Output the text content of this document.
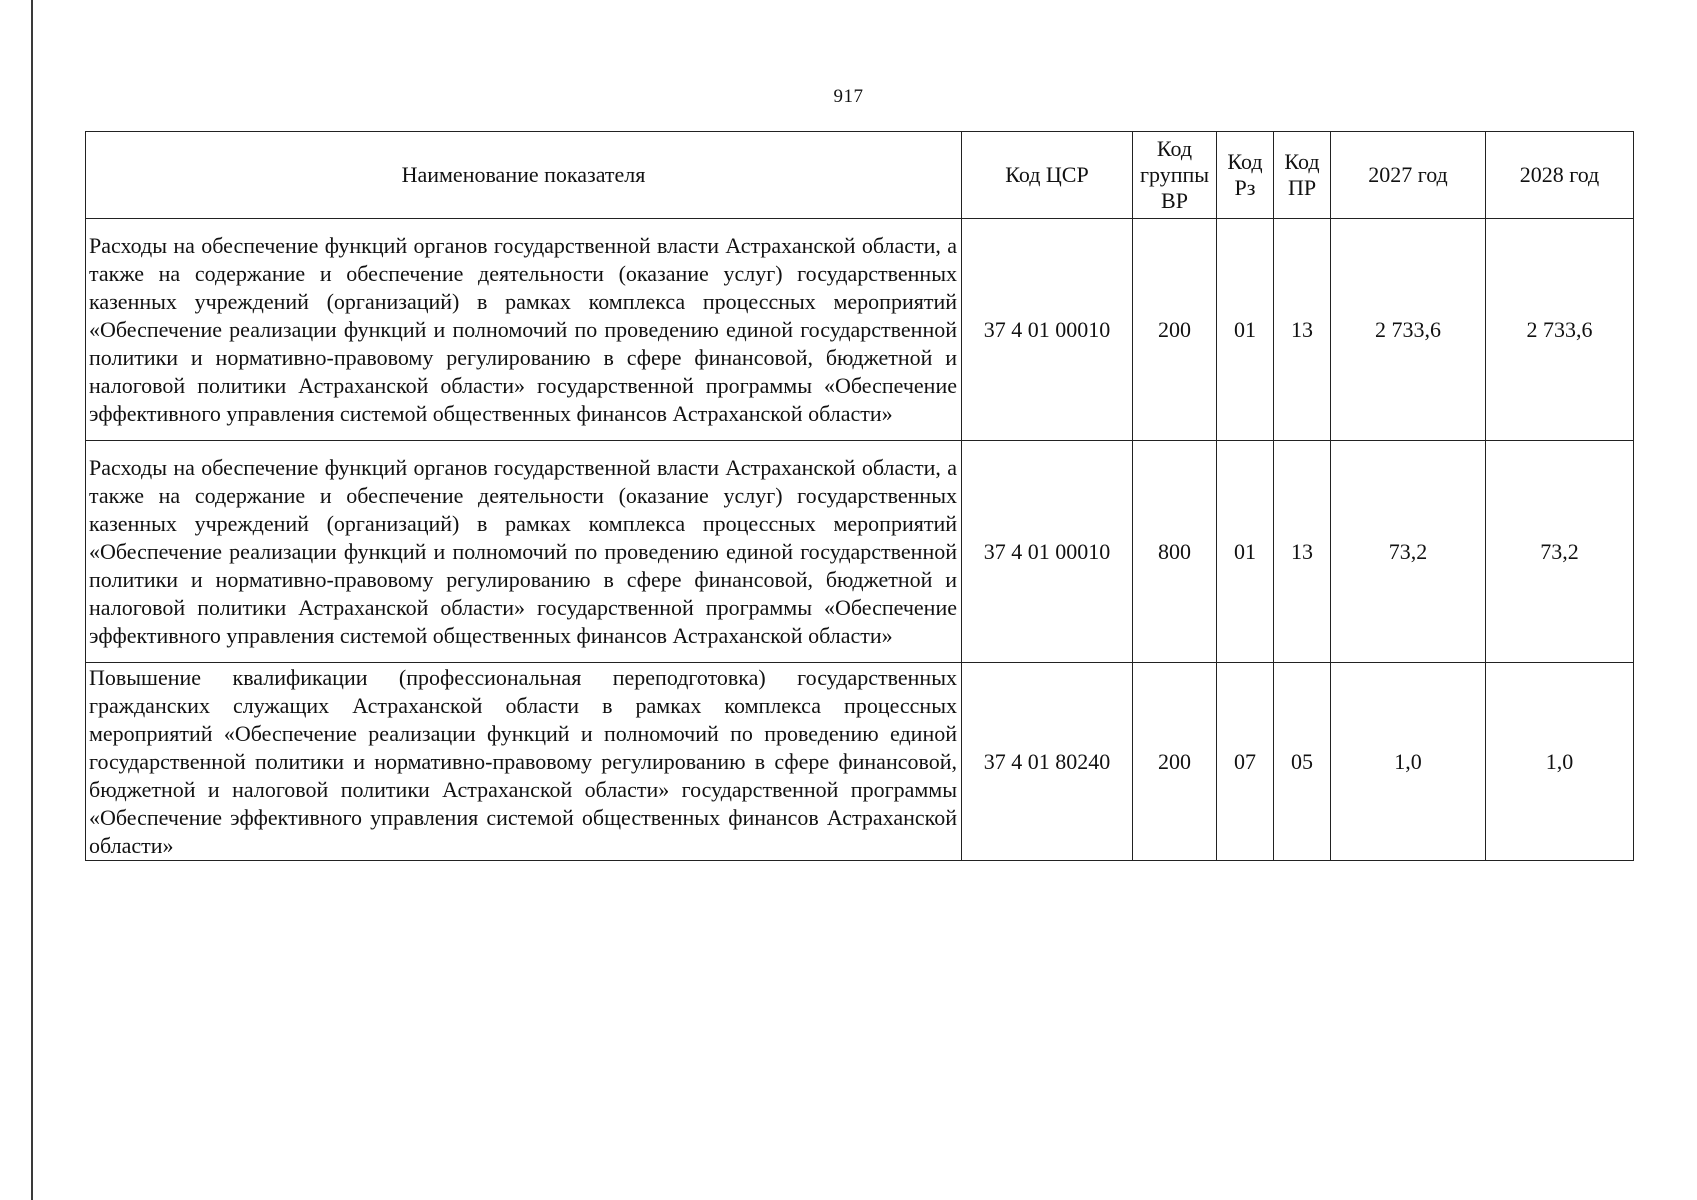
917
Наименование показателя	Код ЦСР	Код группы ВР	Код Рз	Код ПР	2027 год	2028 год
Расходы на обеспечение функций органов государственной власти Астраханской области, а также на содержание и обеспечение деятельности (оказание услуг) государственных казенных учреждений (организаций) в рамках комплекса процессных мероприятий «Обеспечение реализации функций и полномочий по проведению единой государственной политики и нормативно-правовому регулированию в сфере финансовой, бюджетной и налоговой политики Астраханской области» государственной программы «Обеспечение эффективного управления системой общественных финансов Астраханской области»	37 4 01 00010	200	01	13	2 733,6	2 733,6
Расходы на обеспечение функций органов государственной власти Астраханской области, а также на содержание и обеспечение деятельности (оказание услуг) государственных казенных учреждений (организаций) в рамках комплекса процессных мероприятий «Обеспечение реализации функций и полномочий по проведению единой государственной политики и нормативно-правовому регулированию в сфере финансовой, бюджетной и налоговой политики Астраханской области» государственной программы «Обеспечение эффективного управления системой общественных финансов Астраханской области»	37 4 01 00010	800	01	13	73,2	73,2
Повышение квалификации (профессиональная переподготовка) государственных гражданских служащих Астраханской области в рамках комплекса процессных мероприятий «Обеспечение реализации функций и полномочий по проведению единой государственной политики и нормативно-правовому регулированию в сфере финансовой, бюджетной и налоговой политики Астраханской области» государственной программы «Обеспечение эффективного управления системой общественных финансов Астраханской области»	37 4 01 80240	200	07	05	1,0	1,0
